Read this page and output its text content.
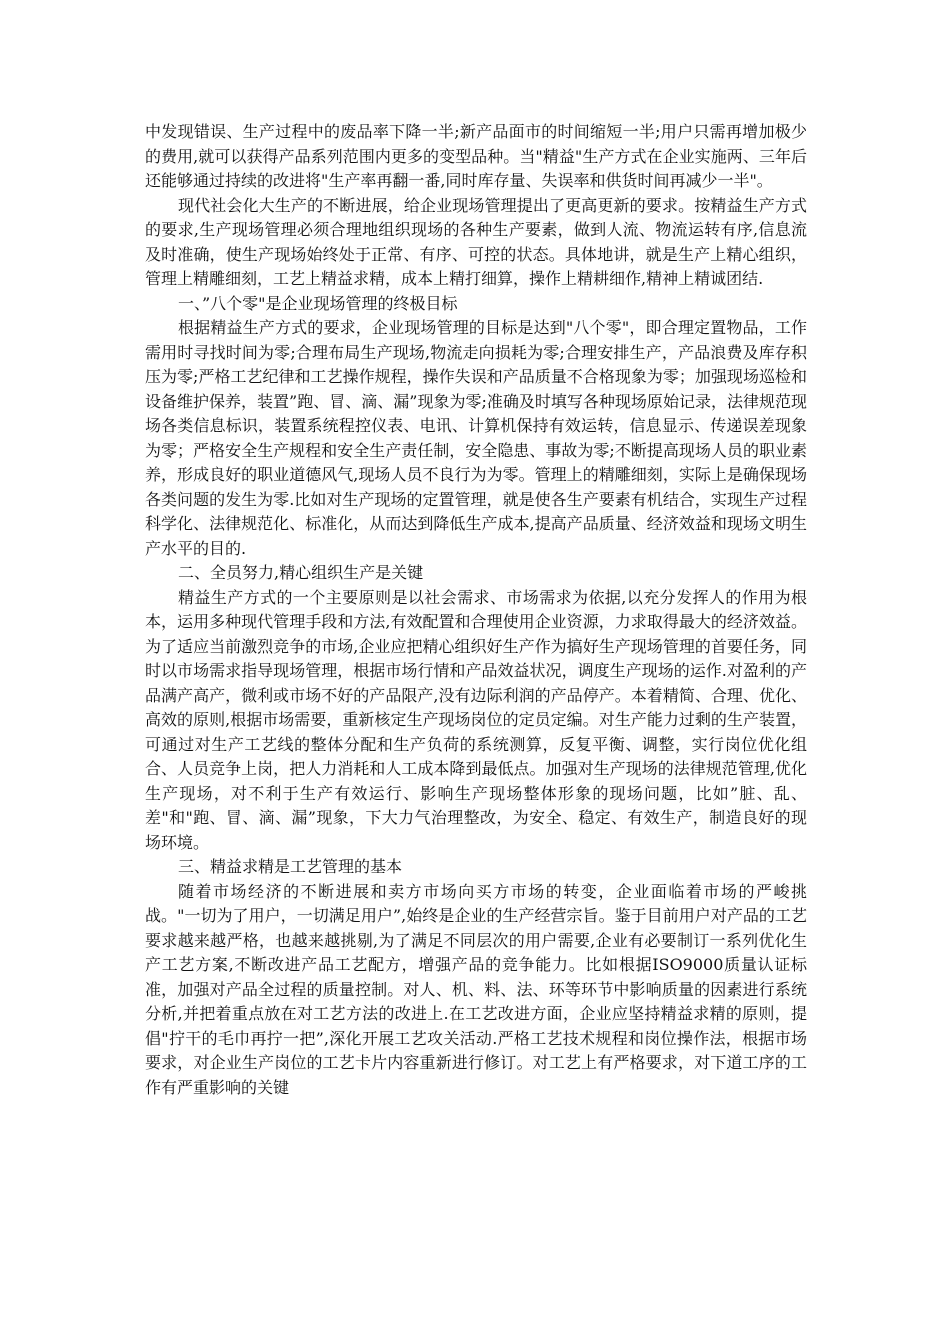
中发现错误、生产过程中的废品率下降一半;新产品面市的时间缩短一半;用户只需再增加极少的费用,就可以获得产品系列范围内更多的变型品种。当"精益"生产方式在企业实施两、三年后还能够通过持续的改进将"生产率再翻一番,同时库存量、失误率和供货时间再减少一半"。

现代社会化大生产的不断进展，给企业现场管理提出了更高更新的要求。按精益生产方式的要求,生产现场管理必须合理地组织现场的各种生产要素，做到人流、物流运转有序,信息流及时准确，使生产现场始终处于正常、有序、可控的状态。具体地讲，就是生产上精心组织，管理上精雕细刻，工艺上精益求精，成本上精打细算，操作上精耕细作,精神上精诚团结.

一、”八个零"是企业现场管理的终极目标

根据精益生产方式的要求，企业现场管理的目标是达到"八个零"，即合理定置物品，工作需用时寻找时间为零;合理布局生产现场,物流走向损耗为零;合理安排生产，产品浪费及库存积压为零;严格工艺纪律和工艺操作规程，操作失误和产品质量不合格现象为零；加强现场巡检和设备维护保养，装置”跑、冒、滴、漏”现象为零;准确及时填写各种现场原始记录，法律规范现场各类信息标识，装置系统程控仪表、电讯、计算机保持有效运转，信息显示、传递误差现象为零；严格安全生产规程和安全生产责任制，安全隐患、事故为零;不断提高现场人员的职业素养，形成良好的职业道德风气,现场人员不良行为为零。管理上的精雕细刻，实际上是确保现场各类问题的发生为零.比如对生产现场的定置管理，就是使各生产要素有机结合，实现生产过程科学化、法律规范化、标准化，从而达到降低生产成本,提高产品质量、经济效益和现场文明生产水平的目的.

二、全员努力,精心组织生产是关键

精益生产方式的一个主要原则是以社会需求、市场需求为依据,以充分发挥人的作用为根本，运用多种现代管理手段和方法,有效配置和合理使用企业资源，力求取得最大的经济效益。为了适应当前激烈竞争的市场,企业应把精心组织好生产作为搞好生产现场管理的首要任务，同时以市场需求指导现场管理，根据市场行情和产品效益状况，调度生产现场的运作.对盈利的产品满产高产，微利或市场不好的产品限产,没有边际利润的产品停产。本着精简、合理、优化、高效的原则,根据市场需要，重新核定生产现场岗位的定员定编。对生产能力过剩的生产装置，可通过对生产工艺线的整体分配和生产负荷的系统测算，反复平衡、调整，实行岗位优化组合、人员竞争上岗，把人力消耗和人工成本降到最低点。加强对生产现场的法律规范管理,优化生产现场，对不利于生产有效运行、影响生产现场整体形象的现场问题，比如”脏、乱、差"和"跑、冒、滴、漏”现象，下大力气治理整改，为安全、稳定、有效生产，制造良好的现场环境。

三、精益求精是工艺管理的基本

随着市场经济的不断进展和卖方市场向买方市场的转变，企业面临着市场的严峻挑战。"一切为了用户，一切满足用户”,始终是企业的生产经营宗旨。鉴于目前用户对产品的工艺要求越来越严格，也越来越挑剔,为了满足不同层次的用户需要,企业有必要制订一系列优化生产工艺方案,不断改进产品工艺配方，增强产品的竞争能力。比如根据ISO9000质量认证标准，加强对产品全过程的质量控制。对人、机、料、法、环等环节中影响质量的因素进行系统分析,并把着重点放在对工艺方法的改进上.在工艺改进方面，企业应坚持精益求精的原则，提倡"拧干的毛巾再拧一把”,深化开展工艺攻关活动.严格工艺技术规程和岗位操作法，根据市场要求，对企业生产岗位的工艺卡片内容重新进行修订。对工艺上有严格要求，对下道工序的工作有严重影响的关键
